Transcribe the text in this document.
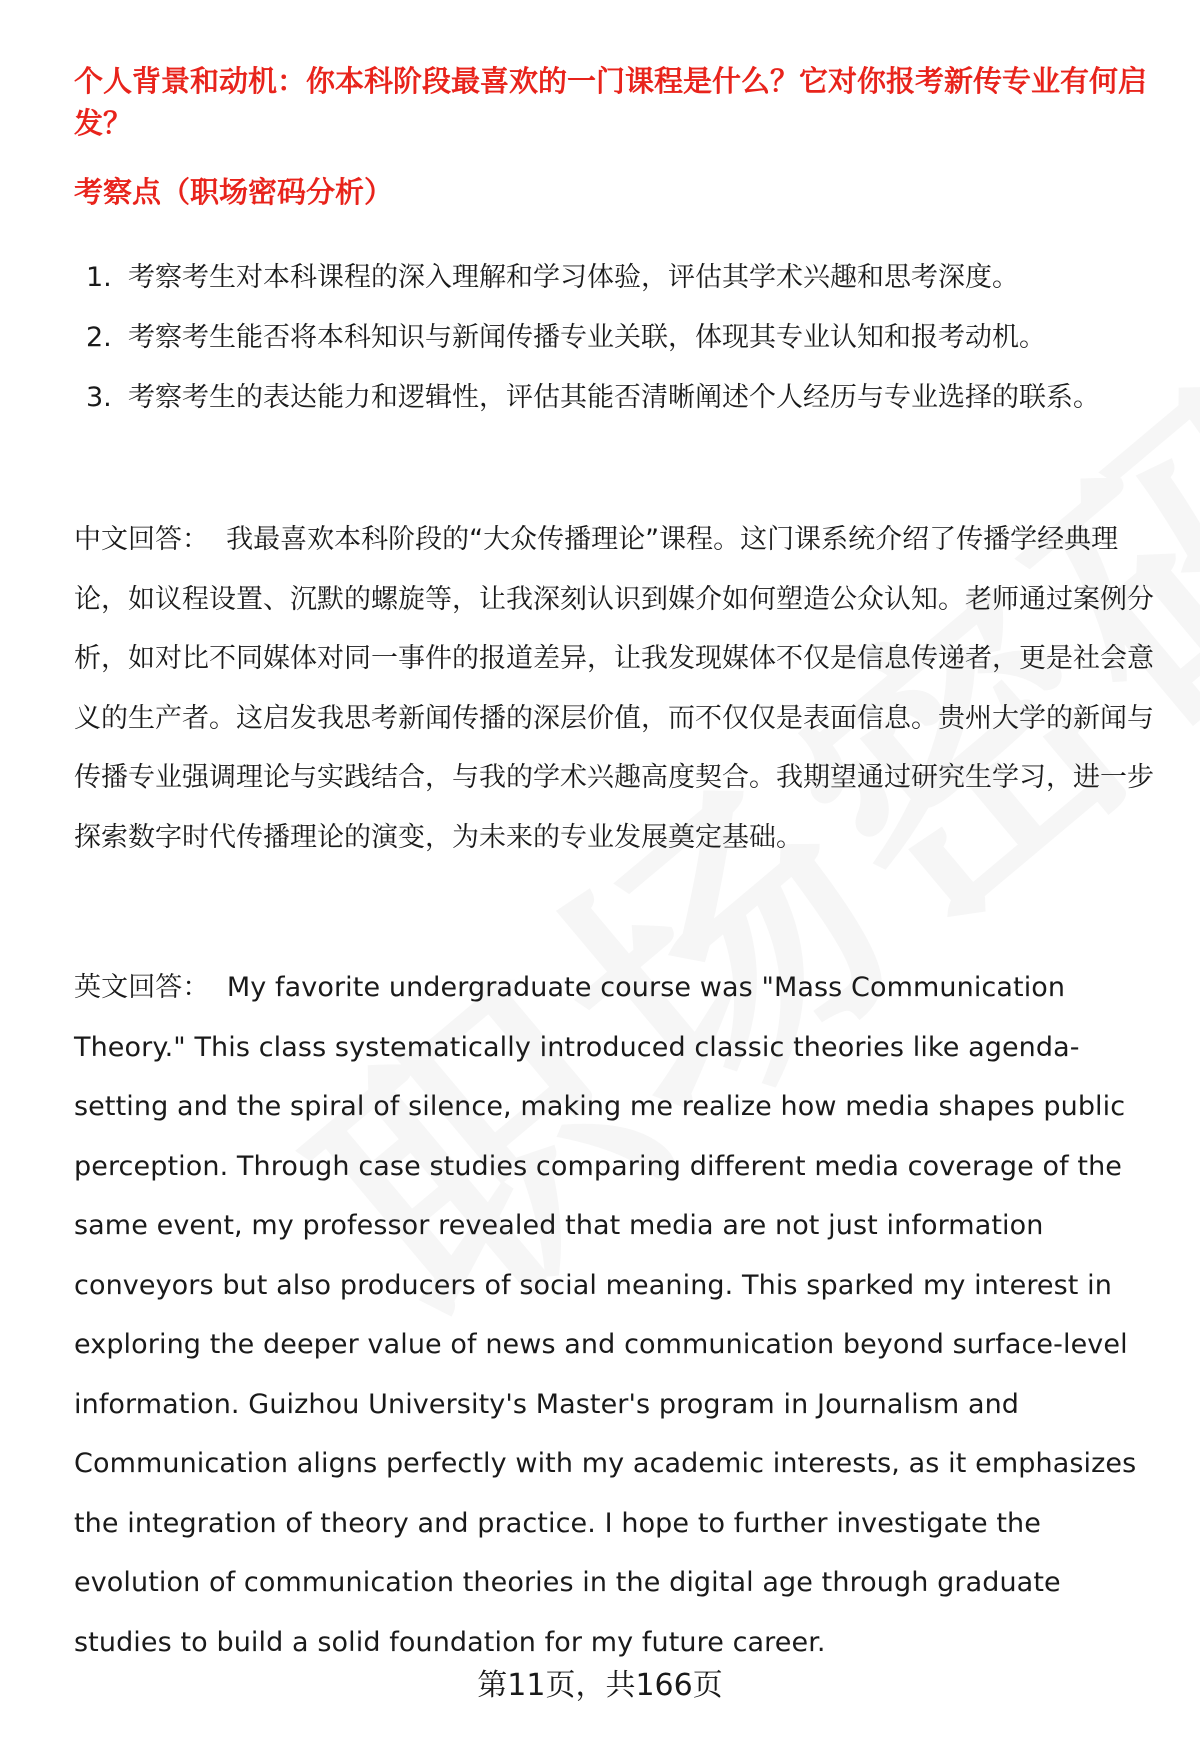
个人背景和动机：你本科阶段最喜欢的一门课程是什么？它对你报考新传专业有何启发？
考察点（职场密码分析）
1. 考察考生对本科课程的深入理解和学习体验，评估其学术兴趣和思考深度。
2. 考察考生能否将本科知识与新闻传播专业关联，体现其专业认知和报考动机。
3. 考察考生的表达能力和逻辑性，评估其能否清晰阐述个人经历与专业选择的联系。

中文回答： 我最喜欢本科阶段的“大众传播理论”课程。这门课系统介绍了传播学经典理论，如议程设置、沉默的螺旋等，让我深刻认识到媒介如何塑造公众认知。老师通过案例分析，如对比不同媒体对同一事件的报道差异，让我发现媒体不仅是信息传递者，更是社会意义的生产者。这启发我思考新闻传播的深层价值，而不仅仅是表面信息。贵州大学的新闻与传播专业强调理论与实践结合，与我的学术兴趣高度契合。我期望通过研究生学习，进一步探索数字时代传播理论的演变，为未来的专业发展奠定基础。

英文回答： My favorite undergraduate course was "Mass Communication Theory." This class systematically introduced classic theories like agenda-setting and the spiral of silence, making me realize how media shapes public perception. Through case studies comparing different media coverage of the same event, my professor revealed that media are not just information conveyors but also producers of social meaning. This sparked my interest in exploring the deeper value of news and communication beyond surface-level information. Guizhou University's Master's program in Journalism and Communication aligns perfectly with my academic interests, as it emphasizes the integration of theory and practice. I hope to further investigate the evolution of communication theories in the digital age through graduate studies to build a solid foundation for my future career.

第11页，共166页
